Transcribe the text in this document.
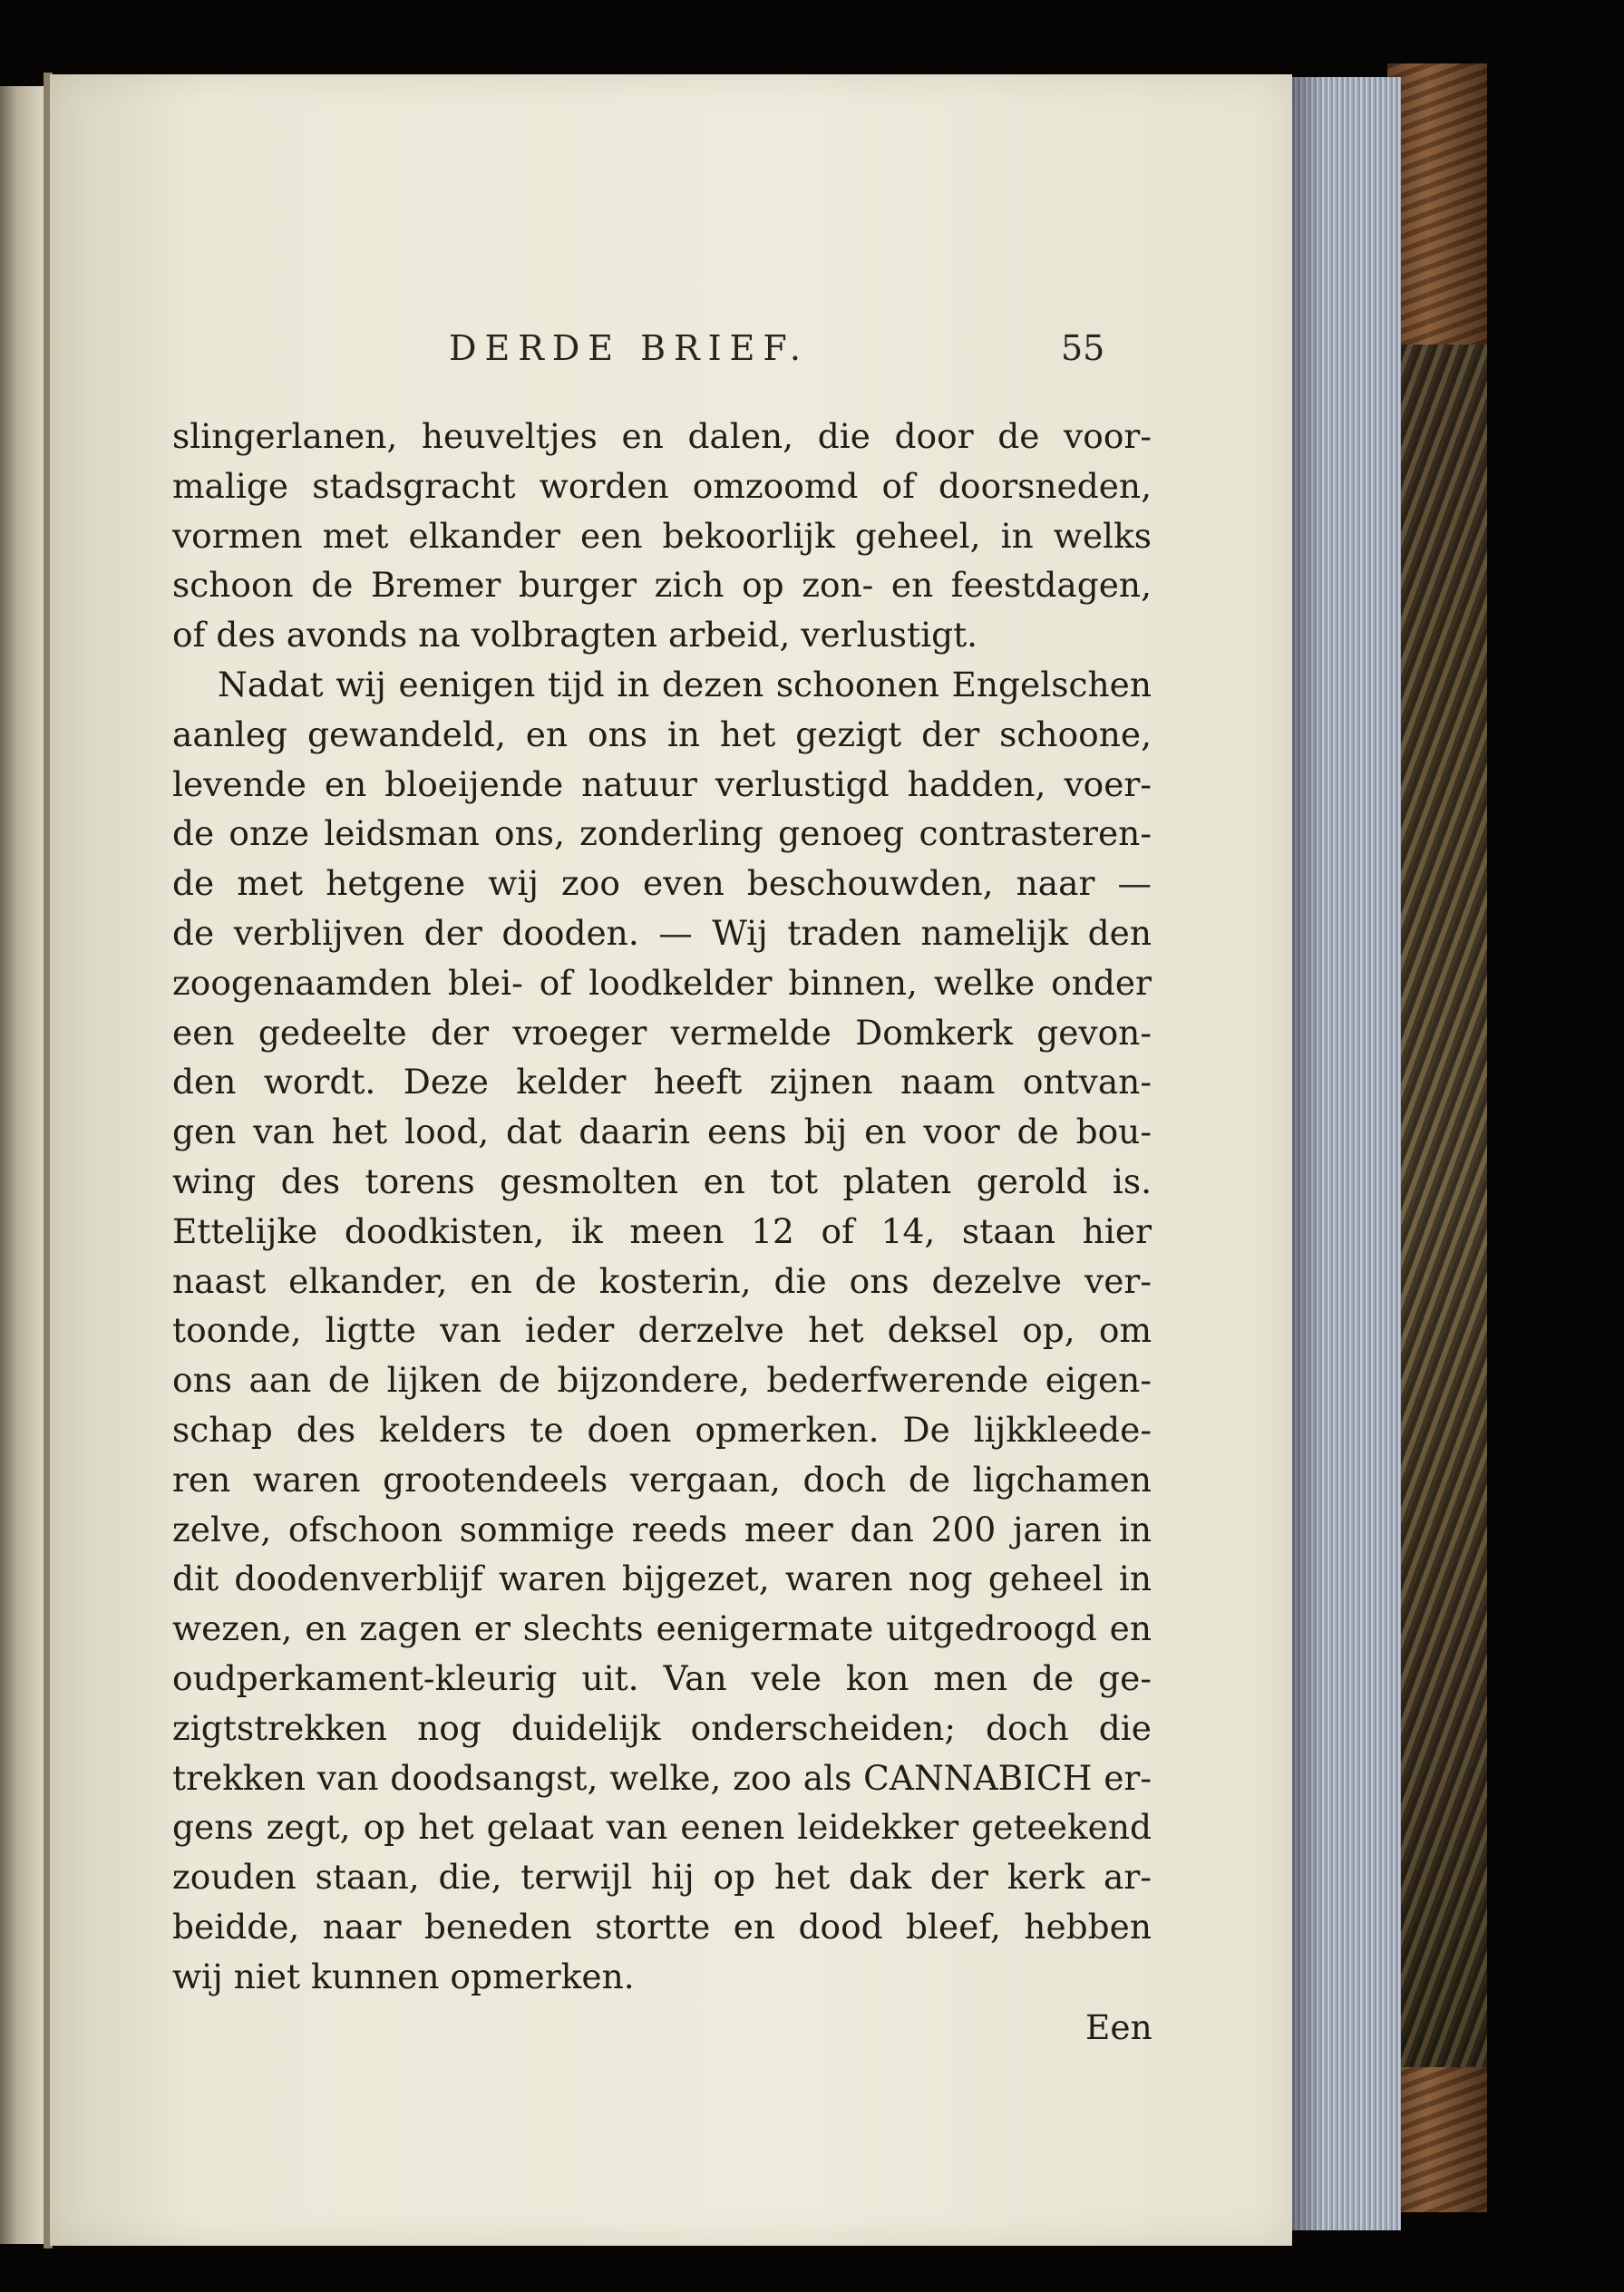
DERDE BRIEF.	55
slingerlanen, heuveltjes en dalen, die door de voor-
malige stadsgracht worden omzoomd of doorsneden,
vormen met elkander een bekoorlijk geheel, in welks
schoon de Bremer burger zich op zon- en feestdagen,
of des avonds na volbragten arbeid, verlustigt.
Nadat wij eenigen tijd in dezen schoonen Engelschen
aanleg gewandeld, en ons in het gezigt der schoone,
levende en bloeijende natuur verlustigd hadden, voer-
de onze leidsman ons, zonderling genoeg contrasteren-
de met hetgene wij zoo even beschouwden, naar —
de verblijven der dooden. — Wij traden namelijk den
zoogenaamden blei- of loodkelder binnen, welke onder
een gedeelte der vroeger vermelde Domkerk gevon-
den wordt. Deze kelder heeft zijnen naam ontvan-
gen van het lood, dat daarin eens bij en voor de bou-
wing des torens gesmolten en tot platen gerold is.
Ettelijke doodkisten, ik meen 12 of 14, staan hier
naast elkander, en de kosterin, die ons dezelve ver-
toonde, ligtte van ieder derzelve het deksel op, om
ons aan de lijken de bijzondere, bederfwerende eigen-
schap des kelders te doen opmerken. De lijkkleede-
ren waren grootendeels vergaan, doch de ligchamen
zelve, ofschoon sommige reeds meer dan 200 jaren in
dit doodenverblijf waren bijgezet, waren nog geheel in
wezen, en zagen er slechts eenigermate uitgedroogd en
oudperkament-kleurig uit. Van vele kon men de ge-
zigtstrekken nog duidelijk onderscheiden; doch die
trekken van doodsangst, welke, zoo als CANNABICH er-
gens zegt, op het gelaat van eenen leidekker geteekend
zouden staan, die, terwijl hij op het dak der kerk ar-
beidde, naar beneden stortte en dood bleef, hebben
wij niet kunnen opmerken.
Een
